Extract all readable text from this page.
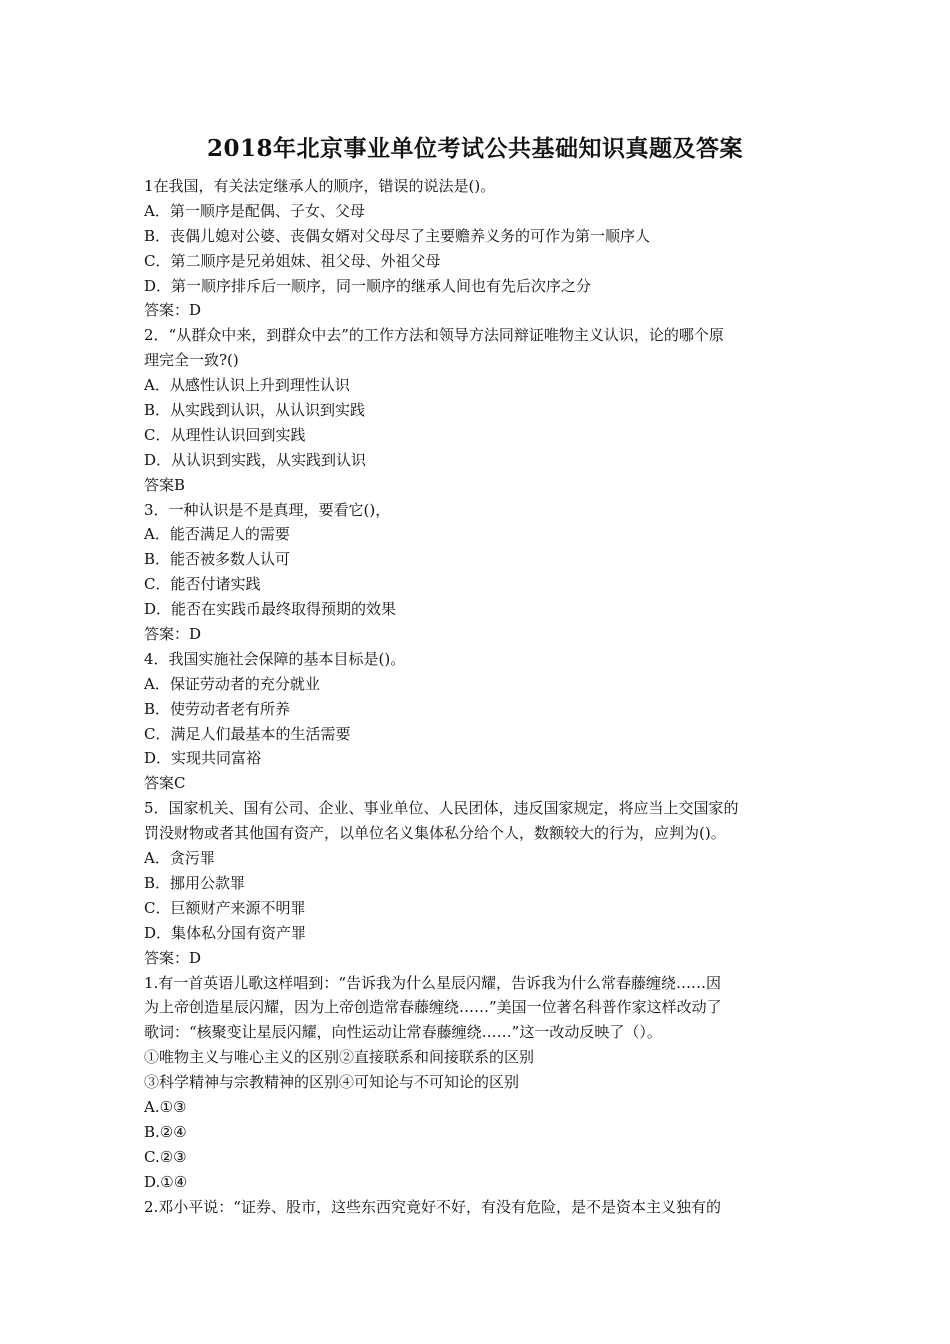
2018年北京事业单位考试公共基础知识真题及答案
1在我国，有关法定继承人的顺序，错误的说法是()。
A．第一顺序是配偶、子女、父母
B．丧偶儿媳对公婆、丧偶女婿对父母尽了主要赡养义务的可作为第一顺序人
C．第二顺序是兄弟姐妹、祖父母、外祖父母
D．第一顺序排斥后一顺序，同一顺序的继承人间也有先后次序之分
答案：D
2．“从群众中来，到群众中去”的工作方法和领导方法同辩证唯物主义认识，论的哪个原
理完全一致?()
A．从感性认识上升到理性认识
B．从实践到认识，从认识到实践
C．从理性认识回到实践
D．从认识到实践，从实践到认识
答案B
3．一种认识是不是真理，要看它()，
A．能否满足人的需要
B．能否被多数人认可
C．能否付诸实践
D．能否在实践币最终取得预期的效果
答案：D
4．我国实施社会保障的基本目标是()。
A．保证劳动者的充分就业
B．使劳动者老有所养
C．满足人们最基本的生活需要
D．实现共同富裕
答案C
5．国家机关、国有公司、企业、事业单位、人民团体，违反国家规定，将应当上交国家的
罚没财物或者其他国有资产，以单位名义集体私分给个人，数额较大的行为，应判为()。
A．贪污罪
B．挪用公款罪
C．巨额财产来源不明罪
D．集体私分国有资产罪
答案：D
1.有一首英语儿歌这样唱到：“告诉我为什么星辰闪耀，告诉我为什么常春藤缠绕……因
为上帝创造星辰闪耀，因为上帝创造常春藤缠绕……”美国一位著名科普作家这样改动了
歌词：“核聚变让星辰闪耀，向性运动让常春藤缠绕……”这一改动反映了（）。
①唯物主义与唯心主义的区别②直接联系和间接联系的区别
③科学精神与宗教精神的区别④可知论与不可知论的区别
A.①③
B.②④
C.②③
D.①④
2.邓小平说：“证券、股市，这些东西究竟好不好，有没有危险，是不是资本主义独有的
